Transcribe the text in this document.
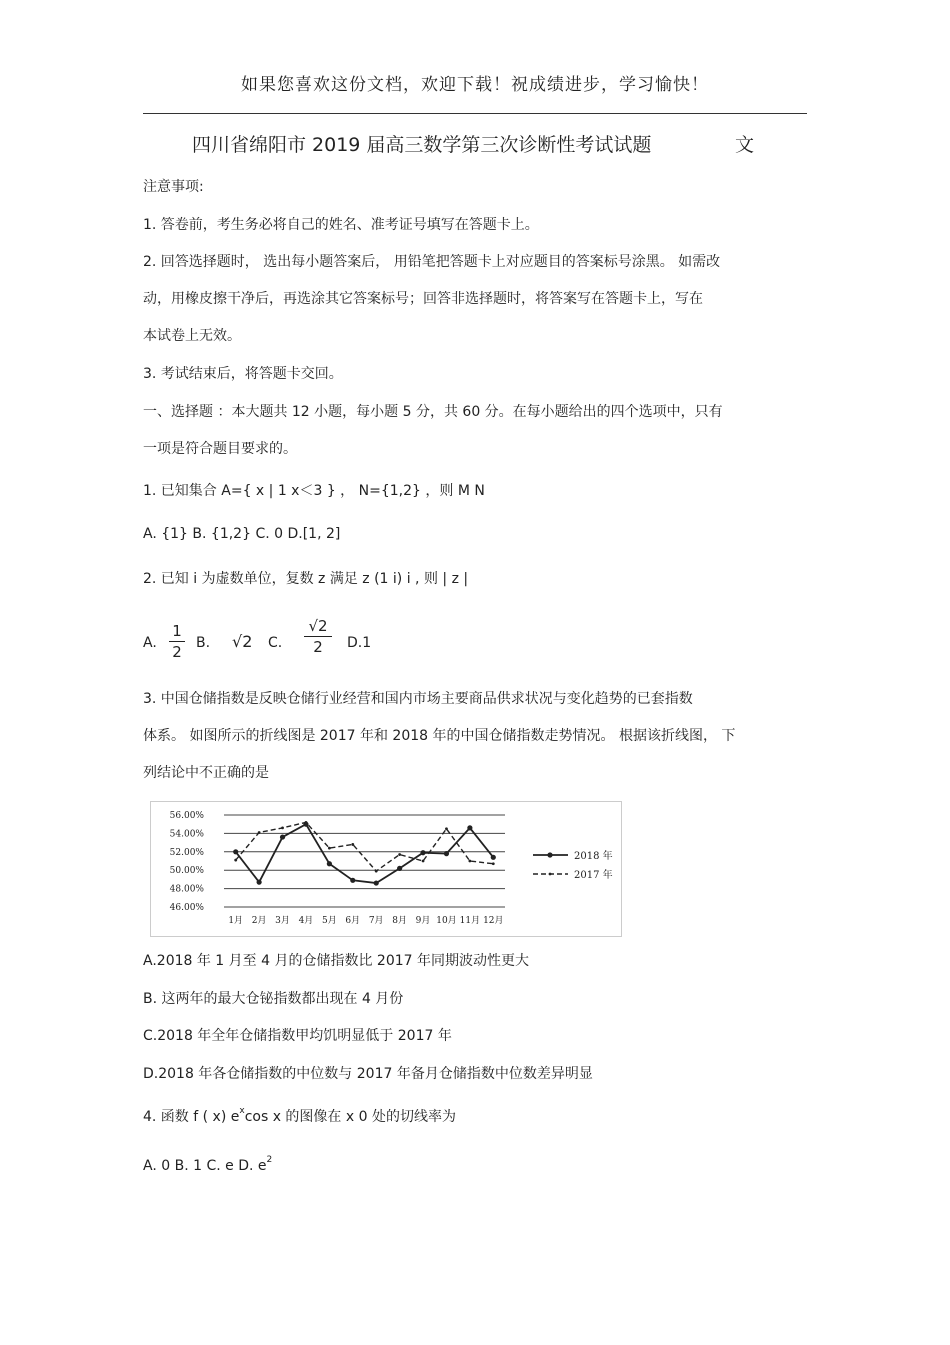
如果您喜欢这份文档，欢迎下载！祝成绩进步，学习愉快！
四川省绵阳市 2019 届高三数学第三次诊断性考试试题	文
注意事项:
1. 答卷前，考生务必将自己的姓名、准考证号填写在答题卡上。
2. 回答选择题时， 选出每小题答案后， 用铅笔把答题卡上对应题目的答案标号涂黑。 如需改
动，用橡皮擦干净后，再选涂其它答案标号；回答非选择题时，将答案写在答题卡上，写在
本试卷上无效。
3. 考试结束后，将答题卡交回。
一、选择题 ：本大题共 12 小题，每小题 5 分，共 60 分。在每小题给出的四个选项中，只有
一项是符合题目要求的。
1. 已知集合 A={ x | 1 x＜3 } ， N={1,2} ，则 M N
A. {1} B. {1,2} C. 0 D.[1, 2]
2. 已知 i 为虚数单位，复数 z 满足 z (1 i) i , 则 | z |
A.
1
2 B. √2 C.
√2
2	D.1
3. 中国仓储指数是反映仓储行业经营和国内市场主要商品供求状况与变化趋势的已套指数
体系。 如图所示的折线图是 2017 年和 2018 年的中国仓储指数走势情况。 根据该折线图， 下
列结论中不正确的是
56.00%
54.00%
52.00%
50.00%
48.00%
46.00%
1月 2月 3月 4月 5月 6月 7月 8月 9月 10月 11月 12月
2018 年
2017 年
A.2018 年 1 月至 4 月的仓储指数比 2017 年同期波动性更大
B. 这两年的最大仓铋指数都出现在 4 月份
C.2018 年全年仓储指数甲均饥明显低于 2017 年
D.2018 年各仓储指数的中位数与 2017 年备月仓储指数中位数差异明显
4. 函数 f ( x) $e^x\cos$ x 的图像在 x 0 处的切线率为
A. 0 B. 1 C. e D. $e^2$
